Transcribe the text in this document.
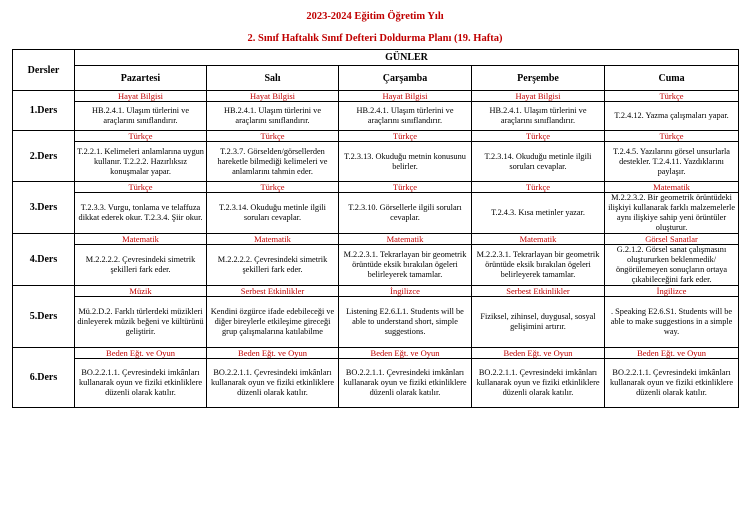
2023-2024 Eğitim Öğretim Yılı
2. Sınıf Haftalık Sınıf Defteri Doldurma Planı (19. Hafta)
Dersler	GÜNLER				
	Pazartesi	Salı	Çarşamba	Perşembe	Cuma
1.Ders	Hayat Bilgisi	Hayat Bilgisi	Hayat Bilgisi	Hayat Bilgisi	Türkçe
	HB.2.4.1. Ulaşım türlerini ve araçlarını sınıflandırır.	HB.2.4.1. Ulaşım türlerini ve araçlarını sınıflandırır.	HB.2.4.1. Ulaşım türlerini ve araçlarını sınıflandırır.	HB.2.4.1. Ulaşım türlerini ve araçlarını sınıflandırır.	T.2.4.12. Yazma çalışmaları yapar.
2.Ders	Türkçe	Türkçe	Türkçe	Türkçe	Türkçe
	T.2.2.1. Kelimeleri anlamlarına uygun kullanır. T.2.2.2. Hazırlıksız konuşmalar yapar.	T.2.3.7. Görselden/görsellerden hareketle bilmediği kelimeleri ve anlamlarını tahmin eder.	T.2.3.13. Okuduğu metnin konusunu belirler.	T.2.3.14. Okuduğu metinle ilgili soruları cevaplar.	T.2.4.5. Yazılarını görsel unsurlarla destekler. T.2.4.11. Yazdıklarını paylaşır.
3.Ders	Türkçe	Türkçe	Türkçe	Türkçe	Matematik
	T.2.3.3. Vurgu, tonlama ve telaffuza dikkat ederek okur. T.2.3.4. Şiir okur.	T.2.3.14. Okuduğu metinle ilgili soruları cevaplar.	T.2.3.10. Görsellerle ilgili soruları cevaplar.	T.2.4.3. Kısa metinler yazar.	M.2.2.3.2. Bir geometrik örüntüdeki ilişkiyi kullanarak farklı malzemelerle aynı ilişkiye sahip yeni örüntüler oluşturur.
4.Ders	Matematik	Matematik	Matematik	Matematik	Görsel Sanatlar
	M.2.2.2.2. Çevresindeki simetrik şekilleri fark eder.	M.2.2.2.2. Çevresindeki simetrik şekilleri fark eder.	M.2.2.3.1. Tekrarlayan bir geometrik örüntüde eksik bırakılan ögeleri belirleyerek tamamlar.	M.2.2.3.1. Tekrarlayan bir geometrik örüntüde eksik bırakılan ögeleri belirleyerek tamamlar.	G.2.1.2. Görsel sanat çalışmasını oluştururken beklenmedik/öngörülemeyen sonuçların ortaya çıkabileceğini fark eder.
5.Ders	Müzik	Serbest Etkinlikler	İngilizce	Serbest Etkinlikler	İngilizce
	Mü.2.D.2. Farklı türlerdeki müzikleri dinleyerek müzik beğeni ve kültürünü geliştirir.	Kendini özgürce ifade edebileceği ve diğer bireylerle etkileşime gireceği grup çalışmalarına katılabilme	Listening E2.6.L1. Students will be able to understand short, simple suggestions.	Fiziksel, zihinsel, duygusal, sosyal gelişimini artırır.	. Speaking E2.6.S1. Students will be able to make suggestions in a simple way.
6.Ders	Beden Eğt. ve Oyun	Beden Eğt. ve Oyun	Beden Eğt. ve Oyun	Beden Eğt. ve Oyun	Beden Eğt. ve Oyun
	BO.2.2.1.1. Çevresindeki imkânları kullanarak oyun ve fiziki etkinliklere düzenli olarak katılır.	BO.2.2.1.1. Çevresindeki imkânları kullanarak oyun ve fiziki etkinliklere düzenli olarak katılır.	BO.2.2.1.1. Çevresindeki imkânları kullanarak oyun ve fiziki etkinliklere düzenli olarak katılır.	BO.2.2.1.1. Çevresindeki imkânları kullanarak oyun ve fiziki etkinliklere düzenli olarak katılır.	BO.2.2.1.1. Çevresindeki imkânları kullanarak oyun ve fiziki etkinliklere düzenli olarak katılır.
